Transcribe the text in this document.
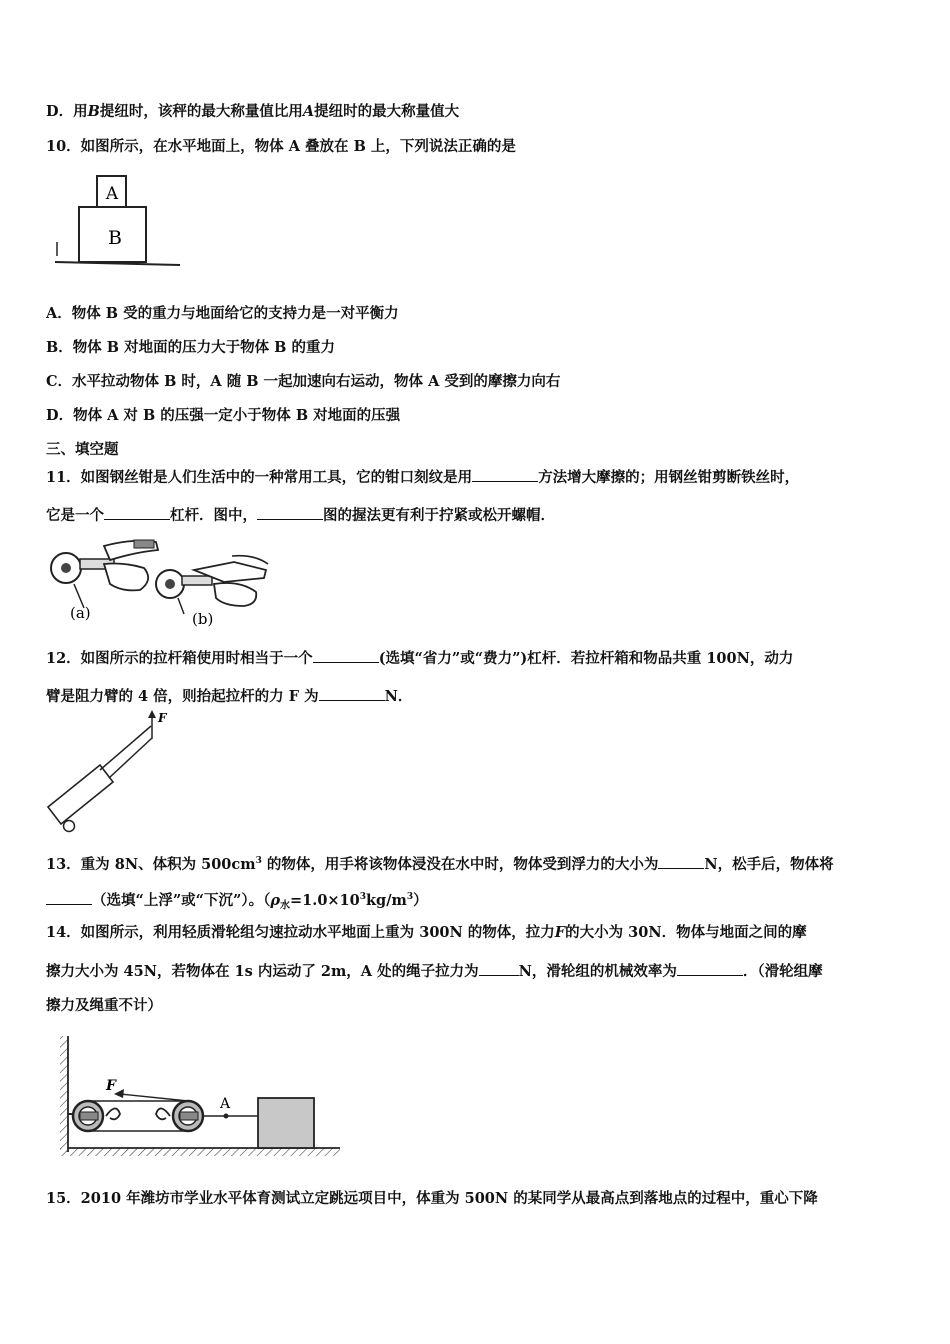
D．用B提纽时，该秤的最大称量值比用A提纽时的最大称量值大
10．如图所示，在水平地面上，物体 A 叠放在 B 上，下列说法正确的是
A
B
A．物体 B 受的重力与地面给它的支持力是一对平衡力
B．物体 B 对地面的压力大于物体 B 的重力
C．水平拉动物体 B 时，A 随 B 一起加速向右运动，物体 A 受到的摩擦力向右
D．物体 A 对 B 的压强一定小于物体 B 对地面的压强
三、填空题
11．如图钢丝钳是人们生活中的一种常用工具，它的钳口刻纹是用	方法增大摩擦的；用钢丝钳剪断铁丝时，
它是一个	杠杆．图中，	图的握法更有利于拧紧或松开螺帽．
(a)	(b)
12．如图所示的拉杆箱使用时相当于一个	(选填“省力”或“费力”)杠杆．若拉杆箱和物品共重 100N，动力
臂是阻力臂的 4 倍，则抬起拉杆的力 F 为	N．
F
13．重为 8N、体积为 $500cm^3$ 的物体，用手将该物体浸没在水中时，物体受到浮力的大小为	N，松手后，物体将
（选填“上浮”或“下沉”）。$(\rho_水=1.0\times 10^3kg/m^3)$
14．如图所示，利用轻质滑轮组匀速拉动水平地面上重为 300N 的物体，拉力F的大小为 30N．物体与地面之间的摩
擦力大小为 45N，若物体在 1s 内运动了 2m，A 处的绳子拉力为	N，滑轮组的机械效率为	．（滑轮组摩
擦力及绳重不计）
A
F
15．2010 年潍坊市学业水平体育测试立定跳远项目中，体重为 500N 的某同学从最高点到落地点的过程中，重心下降
